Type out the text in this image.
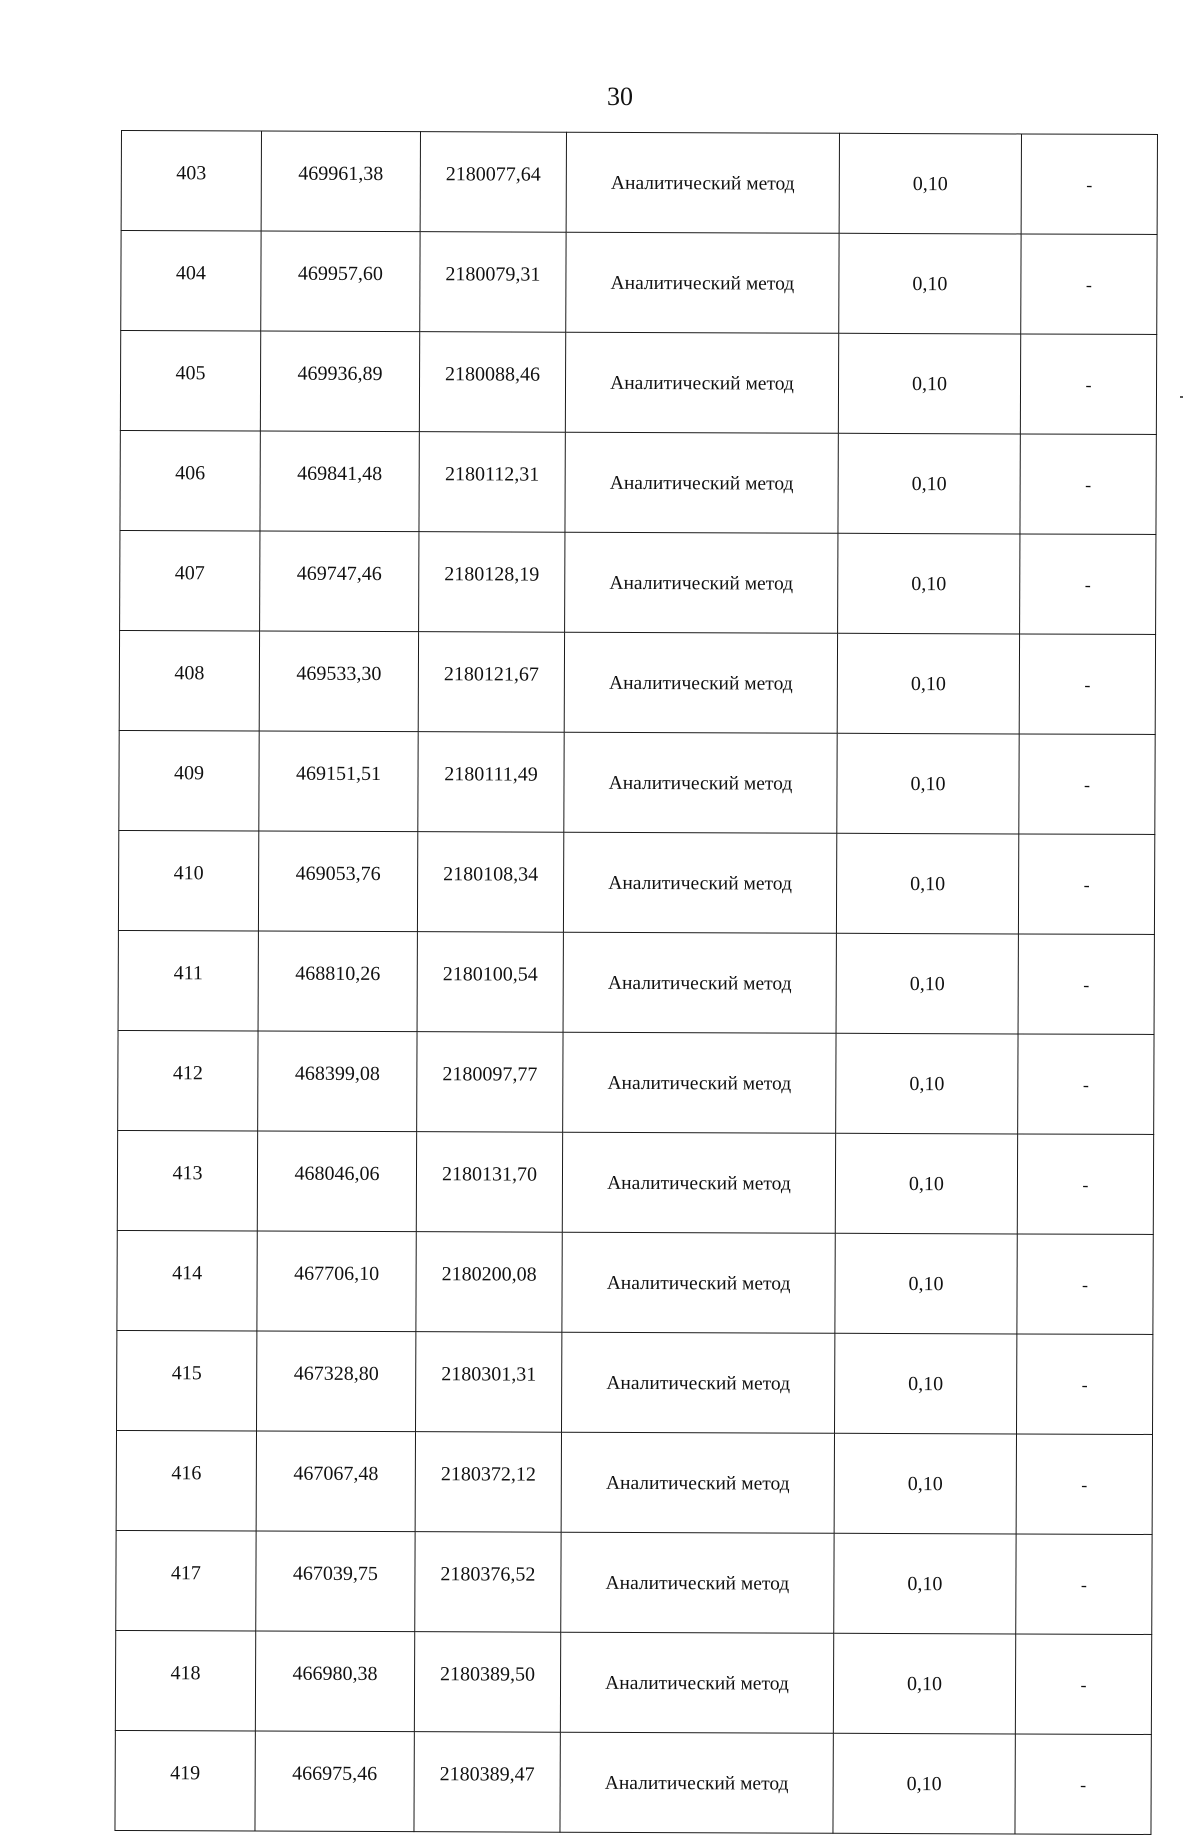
30
403	469961,38	2180077,64	Аналитический метод	0,10	-
404	469957,60	2180079,31	Аналитический метод	0,10	-
405	469936,89	2180088,46	Аналитический метод	0,10	-
406	469841,48	2180112,31	Аналитический метод	0,10	-
407	469747,46	2180128,19	Аналитический метод	0,10	-
408	469533,30	2180121,67	Аналитический метод	0,10	-
409	469151,51	2180111,49	Аналитический метод	0,10	-
410	469053,76	2180108,34	Аналитический метод	0,10	-
411	468810,26	2180100,54	Аналитический метод	0,10	-
412	468399,08	2180097,77	Аналитический метод	0,10	-
413	468046,06	2180131,70	Аналитический метод	0,10	-
414	467706,10	2180200,08	Аналитический метод	0,10	-
415	467328,80	2180301,31	Аналитический метод	0,10	-
416	467067,48	2180372,12	Аналитический метод	0,10	-
417	467039,75	2180376,52	Аналитический метод	0,10	-
418	466980,38	2180389,50	Аналитический метод	0,10	-
419	466975,46	2180389,47	Аналитический метод	0,10	-
